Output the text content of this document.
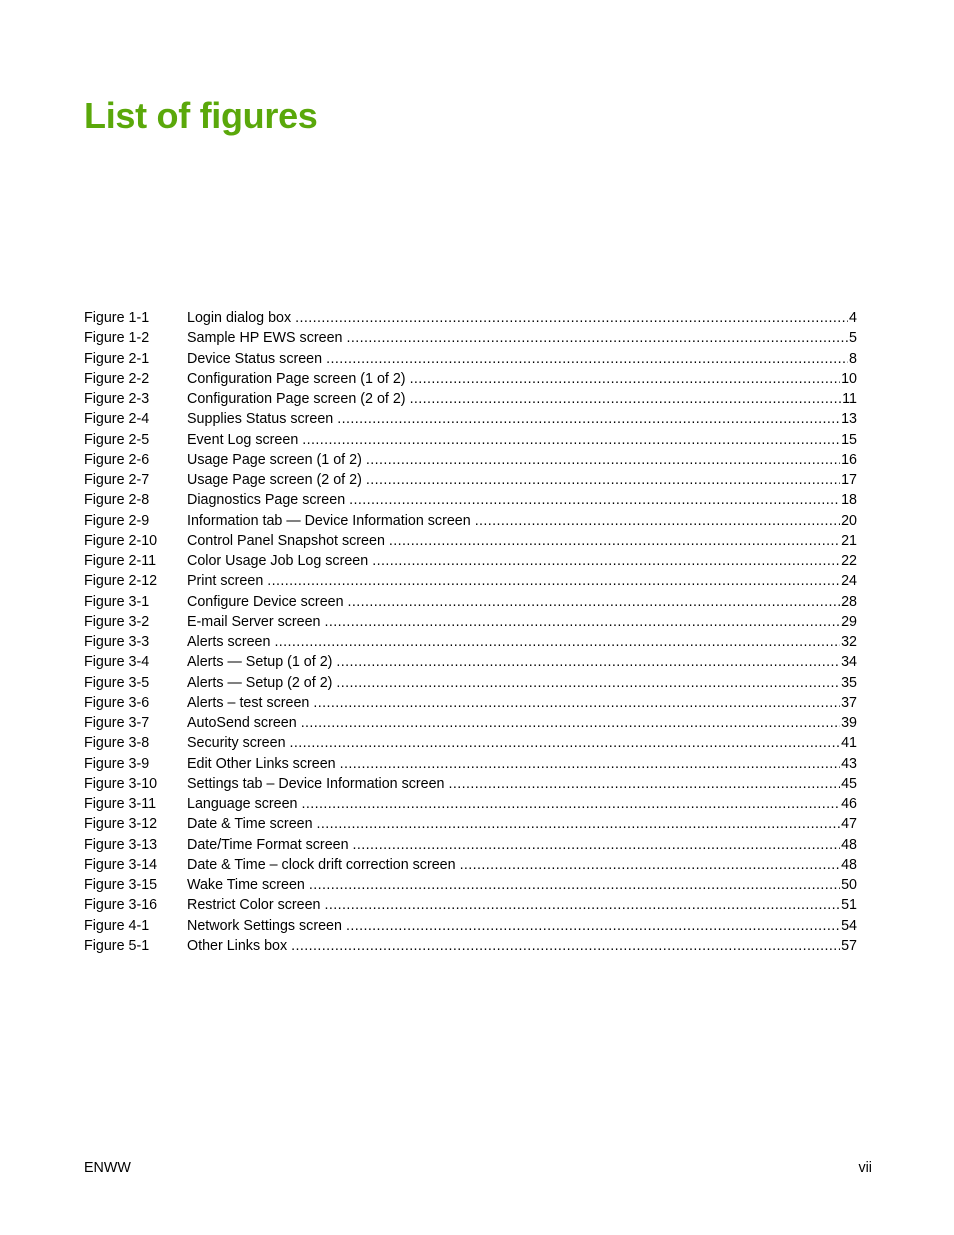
List of figures
Figure 1-1	Login dialog box .....	4
Figure 1-2	Sample HP EWS screen .....	5
Figure 2-1	Device Status screen .....	8
Figure 2-2	Configuration Page screen (1 of 2) .....	10
Figure 2-3	Configuration Page screen (2 of 2) .....	11
Figure 2-4	Supplies Status screen .....	13
Figure 2-5	Event Log screen .....	15
Figure 2-6	Usage Page screen (1 of 2) .....	16
Figure 2-7	Usage Page screen (2 of 2) .....	17
Figure 2-8	Diagnostics Page screen .....	18
Figure 2-9	Information tab — Device Information screen .....	20
Figure 2-10	Control Panel Snapshot screen .....	21
Figure 2-11	Color Usage Job Log screen .....	22
Figure 2-12	Print screen .....	24
Figure 3-1	Configure Device screen .....	28
Figure 3-2	E-mail Server screen .....	29
Figure 3-3	Alerts screen .....	32
Figure 3-4	Alerts — Setup (1 of 2) .....	34
Figure 3-5	Alerts — Setup (2 of 2) .....	35
Figure 3-6	Alerts – test screen .....	37
Figure 3-7	AutoSend screen .....	39
Figure 3-8	Security screen .....	41
Figure 3-9	Edit Other Links screen .....	43
Figure 3-10	Settings tab – Device Information screen .....	45
Figure 3-11	Language screen .....	46
Figure 3-12	Date & Time screen .....	47
Figure 3-13	Date/Time Format screen .....	48
Figure 3-14	Date & Time – clock drift correction screen .....	48
Figure 3-15	Wake Time screen .....	50
Figure 3-16	Restrict Color screen .....	51
Figure 4-1	Network Settings screen .....	54
Figure 5-1	Other Links box .....	57
ENWW	vii
